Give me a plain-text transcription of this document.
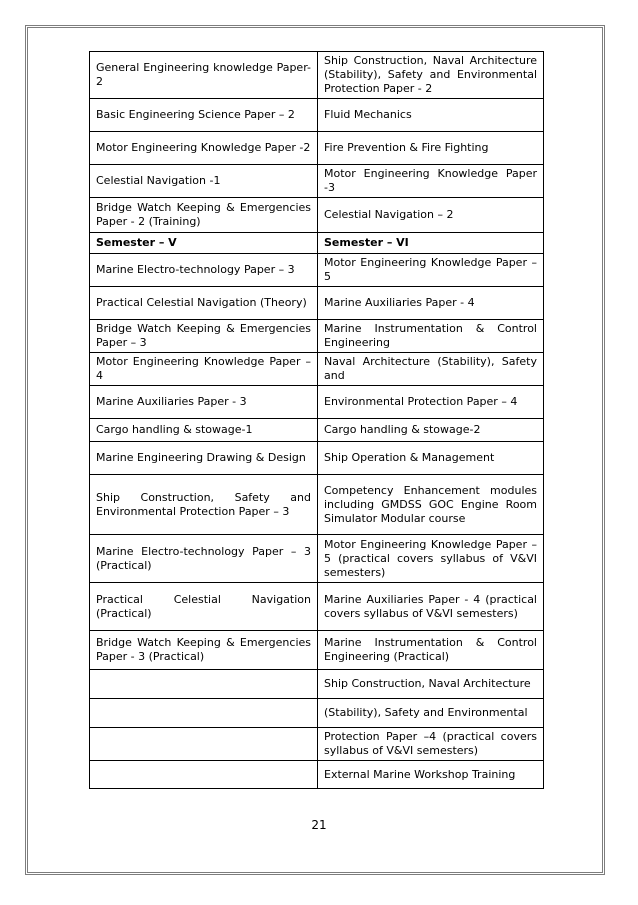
General Engineering knowledge Paper-2	Ship Construction, Naval Architecture (Stability), Safety and Environmental Protection Paper - 2
Basic Engineering Science Paper – 2	Fluid Mechanics
Motor Engineering Knowledge Paper -2	Fire Prevention & Fire Fighting
Celestial Navigation -1	Motor Engineering Knowledge Paper -3
Bridge Watch Keeping & Emergencies Paper - 2 (Training)	Celestial Navigation – 2
Semester – V	Semester – VI
Marine Electro-technology Paper – 3	Motor Engineering Knowledge Paper – 5
Practical Celestial Navigation (Theory)	Marine Auxiliaries Paper - 4
Bridge Watch Keeping & Emergencies Paper – 3	Marine Instrumentation & Control Engineering
Motor Engineering Knowledge Paper – 4	Naval Architecture (Stability), Safety and
Marine Auxiliaries Paper - 3	Environmental Protection Paper – 4
Cargo handling & stowage-1	Cargo handling & stowage-2
Marine Engineering Drawing & Design	Ship Operation & Management
Ship Construction, Safety and Environmental Protection Paper – 3	Competency Enhancement modules including GMDSS GOC Engine Room Simulator Modular course
Marine Electro-technology Paper – 3 (Practical)	Motor Engineering Knowledge Paper –5 (practical covers syllabus of V&VI semesters)
Practical Celestial Navigation (Practical)	Marine Auxiliaries Paper - 4 (practical covers syllabus of V&VI semesters)
Bridge Watch Keeping & Emergencies Paper - 3 (Practical)	Marine Instrumentation & Control Engineering (Practical)
	Ship Construction, Naval Architecture
	(Stability), Safety and Environmental
	Protection Paper –4 (practical covers syllabus of V&VI semesters)
	External Marine Workshop Training
21
